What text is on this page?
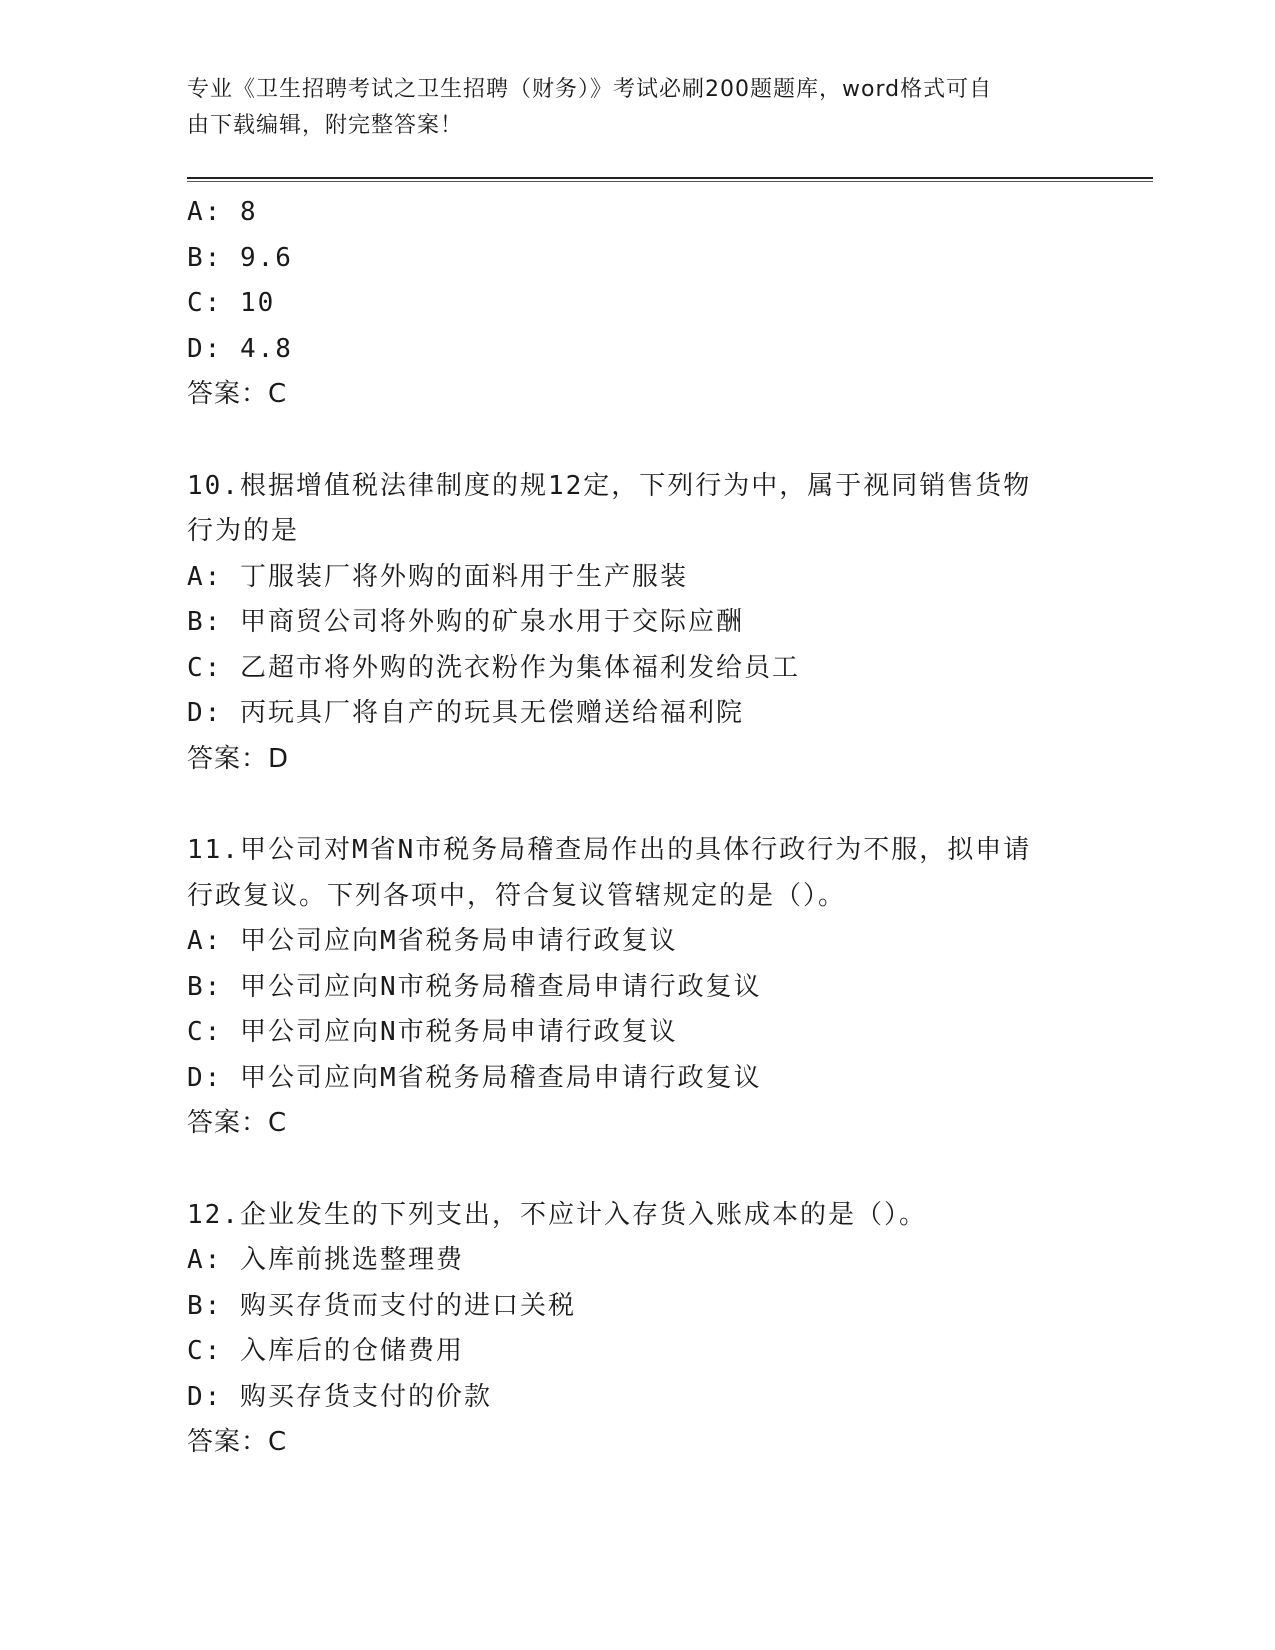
专业《卫生招聘考试之卫生招聘（财务）》考试必刷200题题库，word格式可自
由下载编辑，附完整答案！
A: 8
B: 9.6
C: 10
D: 4.8
答案：C
10.根据增值税法律制度的规12定，下列行为中，属于视同销售货物
行为的是
A: 丁服装厂将外购的面料用于生产服装
B: 甲商贸公司将外购的矿泉水用于交际应酬
C: 乙超市将外购的洗衣粉作为集体福利发给员工
D: 丙玩具厂将自产的玩具无偿赠送给福利院
答案：D
11.甲公司对M省N市税务局稽查局作出的具体行政行为不服，拟申请
行政复议。下列各项中，符合复议管辖规定的是（）。
A: 甲公司应向M省税务局申请行政复议
B: 甲公司应向N市税务局稽查局申请行政复议
C: 甲公司应向N市税务局申请行政复议
D: 甲公司应向M省税务局稽查局申请行政复议
答案：C
12.企业发生的下列支出，不应计入存货入账成本的是（）。
A: 入库前挑选整理费
B: 购买存货而支付的进口关税
C: 入库后的仓储费用
D: 购买存货支付的价款
答案：C
